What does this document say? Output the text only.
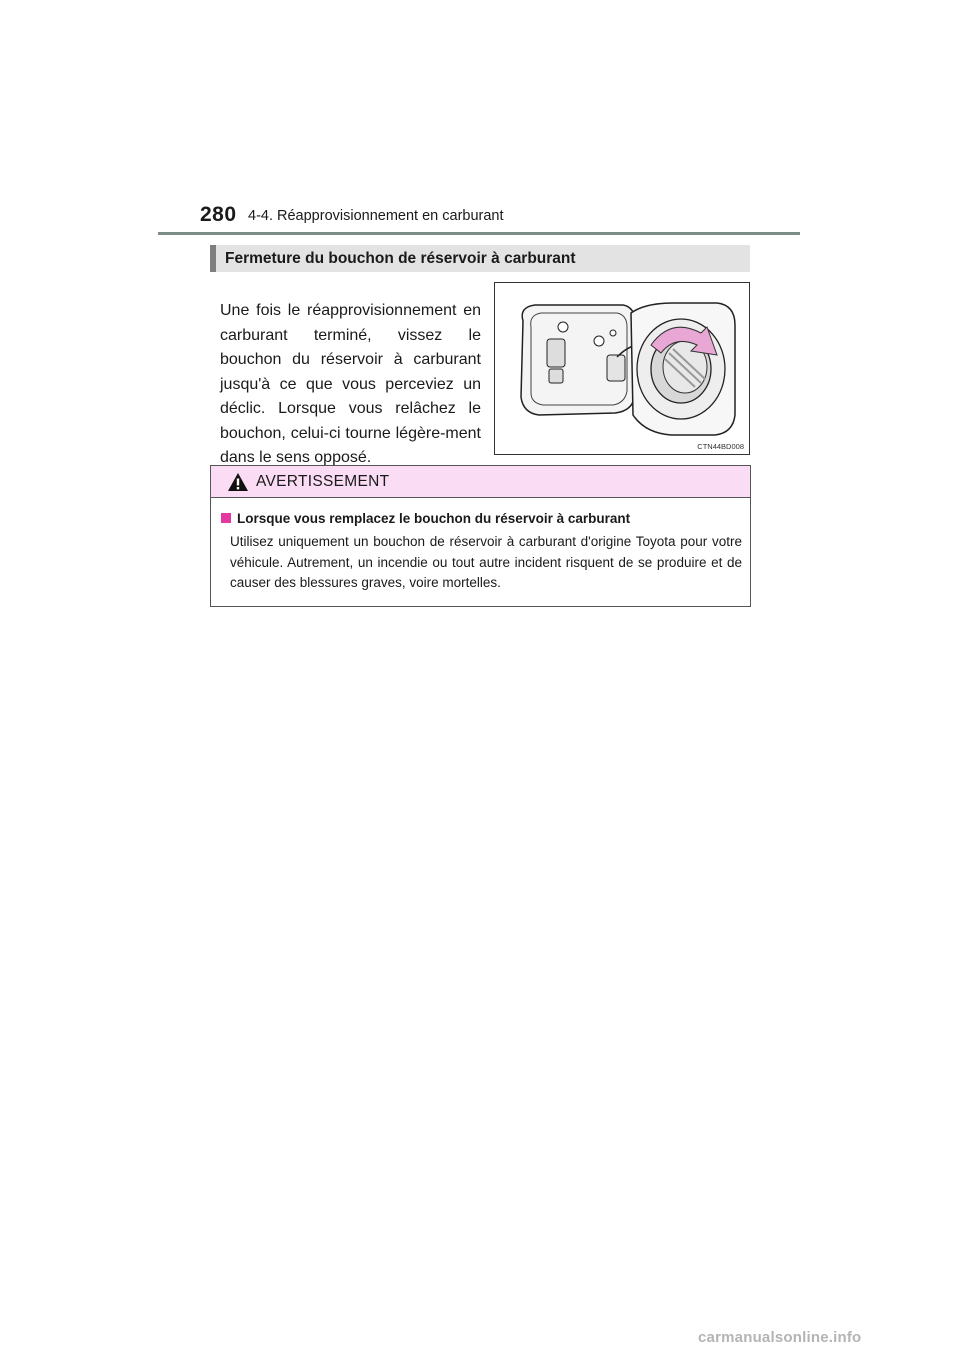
280 4-4. Réapprovisionnement en carburant
Fermeture du bouchon de réservoir à carburant
Une fois le réapprovisionnement en carburant terminé, vissez le bouchon du réservoir à carburant jusqu'à ce que vous perceviez un déclic. Lorsque vous relâchez le bouchon, celui-ci tourne légère-ment dans le sens opposé.
CTN44BD008
AVERTISSEMENT
Lorsque vous remplacez le bouchon du réservoir à carburant
Utilisez uniquement un bouchon de réservoir à carburant d'origine Toyota pour votre véhicule. Autrement, un incendie ou tout autre incident risquent de se produire et de causer des blessures graves, voire mortelles.
carmanualsonline.info
